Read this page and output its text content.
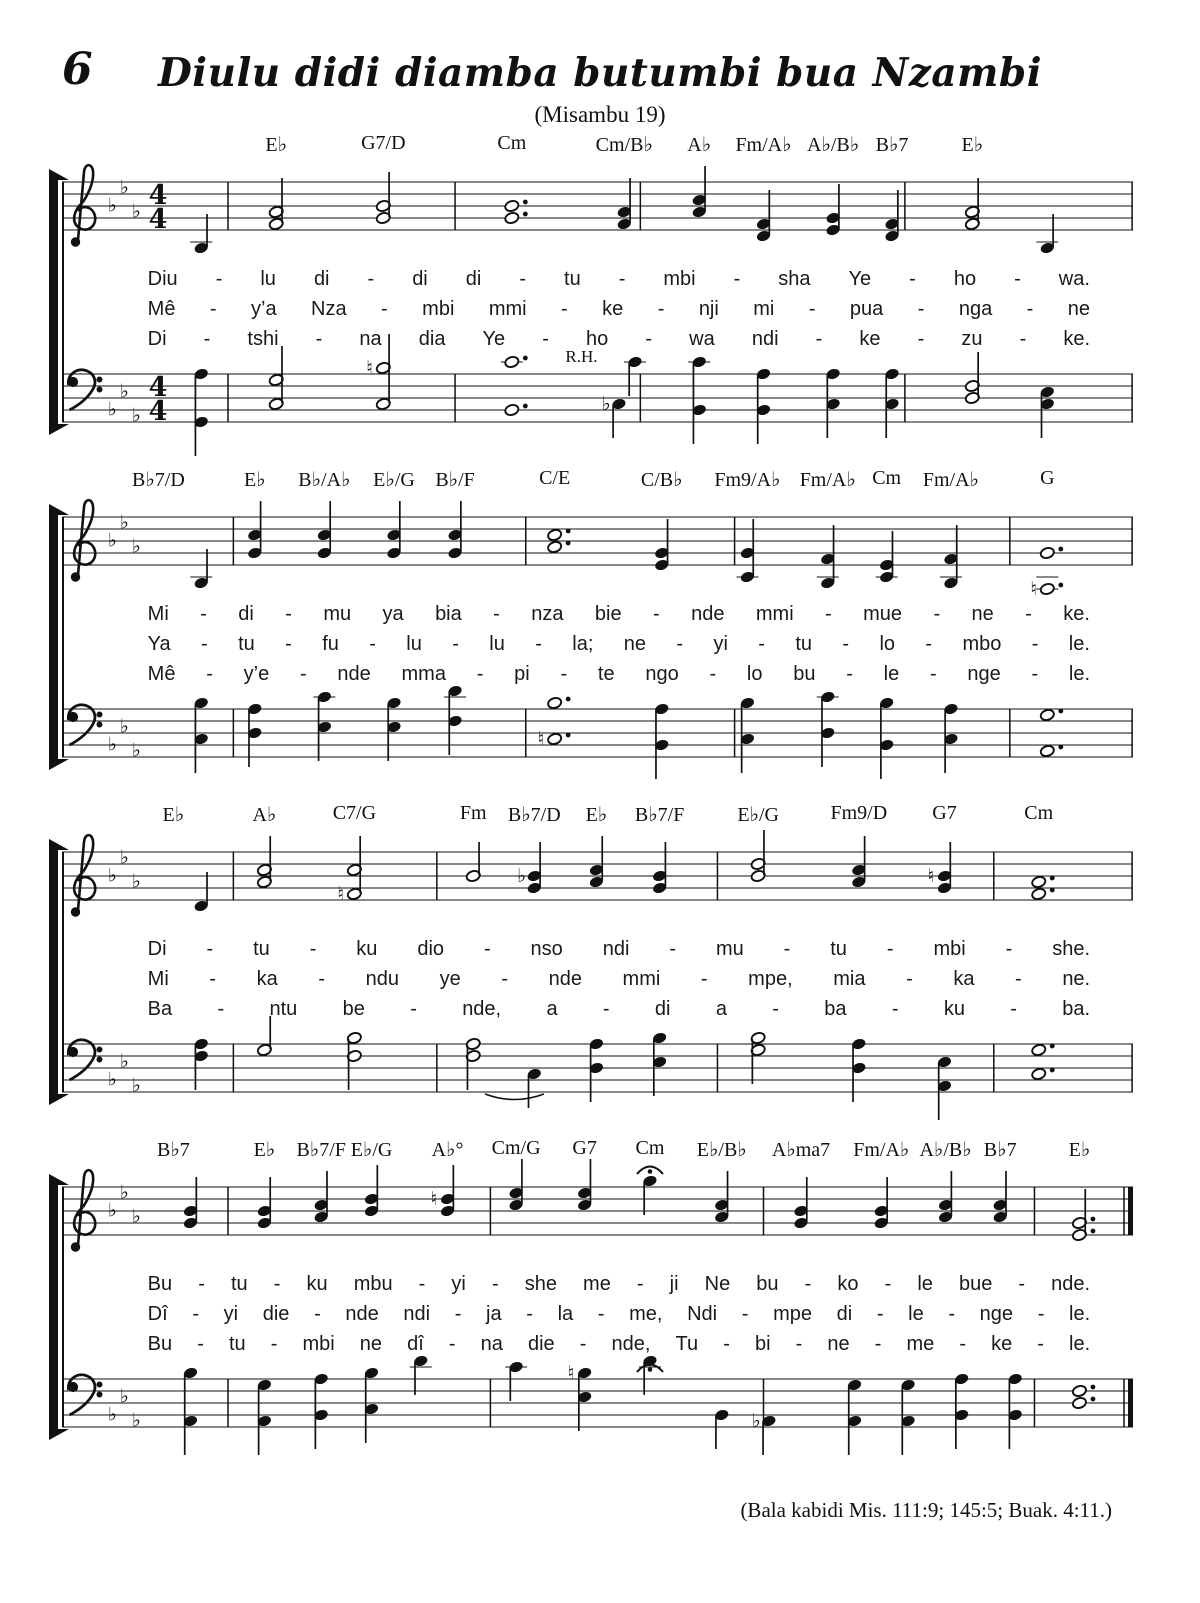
6	Diulu didi diamba butumbi bua Nzambi
(Misambu 19)
E♭	G7/D	Cm	Cm/B♭ A♭ Fm/A♭ A♭/B♭ B♭7	E♭
♭
♭
♭
4
4
Diu - lu di - di di - tu - mbi - sha Ye - ho - wa.
Mê - y’a Nza - mbi mmi - ke - nji mi - pua - nga - ne
Di - tshi - na dia Ye - ho - wa ndi - ke - zu - ke.
♭
♭
♭
4
4
R.H.
♮
♭
B♭7/D	E♭ B♭/A♭ E♭/G B♭/F	C/E	C/B♭ Fm9/A♭ Fm/A♭ Cm Fm/A♭	G
♭
♭
♭
♮
Mi - di - mu ya bia - nza bie - nde mmi - mue - ne - ke.
Ya - tu - fu - lu - lu - la; ne - yi - tu - lo - mbo - le.
Mê - y’e - nde mma - pi - te ngo - lo bu - le - nge - le.
♭
♭
♭
♮
E♭	A♭	C7/G	Fm B♭7/D E♭ B♭7/F	E♭/G	Fm9/D G7	Cm
♭
♭
♭
♮
♭	♮
Di - tu - ku dio - nso ndi - mu - tu - mbi - she.
Mi - ka - ndu ye - nde mmi - mpe, mia - ka - ne.
Ba - ntu be - nde, a - di a - ba - ku - ba.
♭
♭
♭
B♭7	E♭ B♭7/F E♭/G A♭° Cm/G G7 Cm E♭/B♭ A♭ma7 Fm/A♭ A♭/B♭ B♭7	E♭
♭
♭
♭
♮
Bu - tu - ku mbu - yi - she me - ji Ne bu - ko - le bue - nde.
Dî - yi die - nde ndi - ja - la - me, Ndi - mpe di - le - nge - le.
Bu - tu - mbi ne dî - na die - nde, Tu - bi - ne - me - ke - le.
♭
♭
♭
♮
♭
(Bala kabidi Mis. 111:9; 145:5; Buak. 4:11.)
